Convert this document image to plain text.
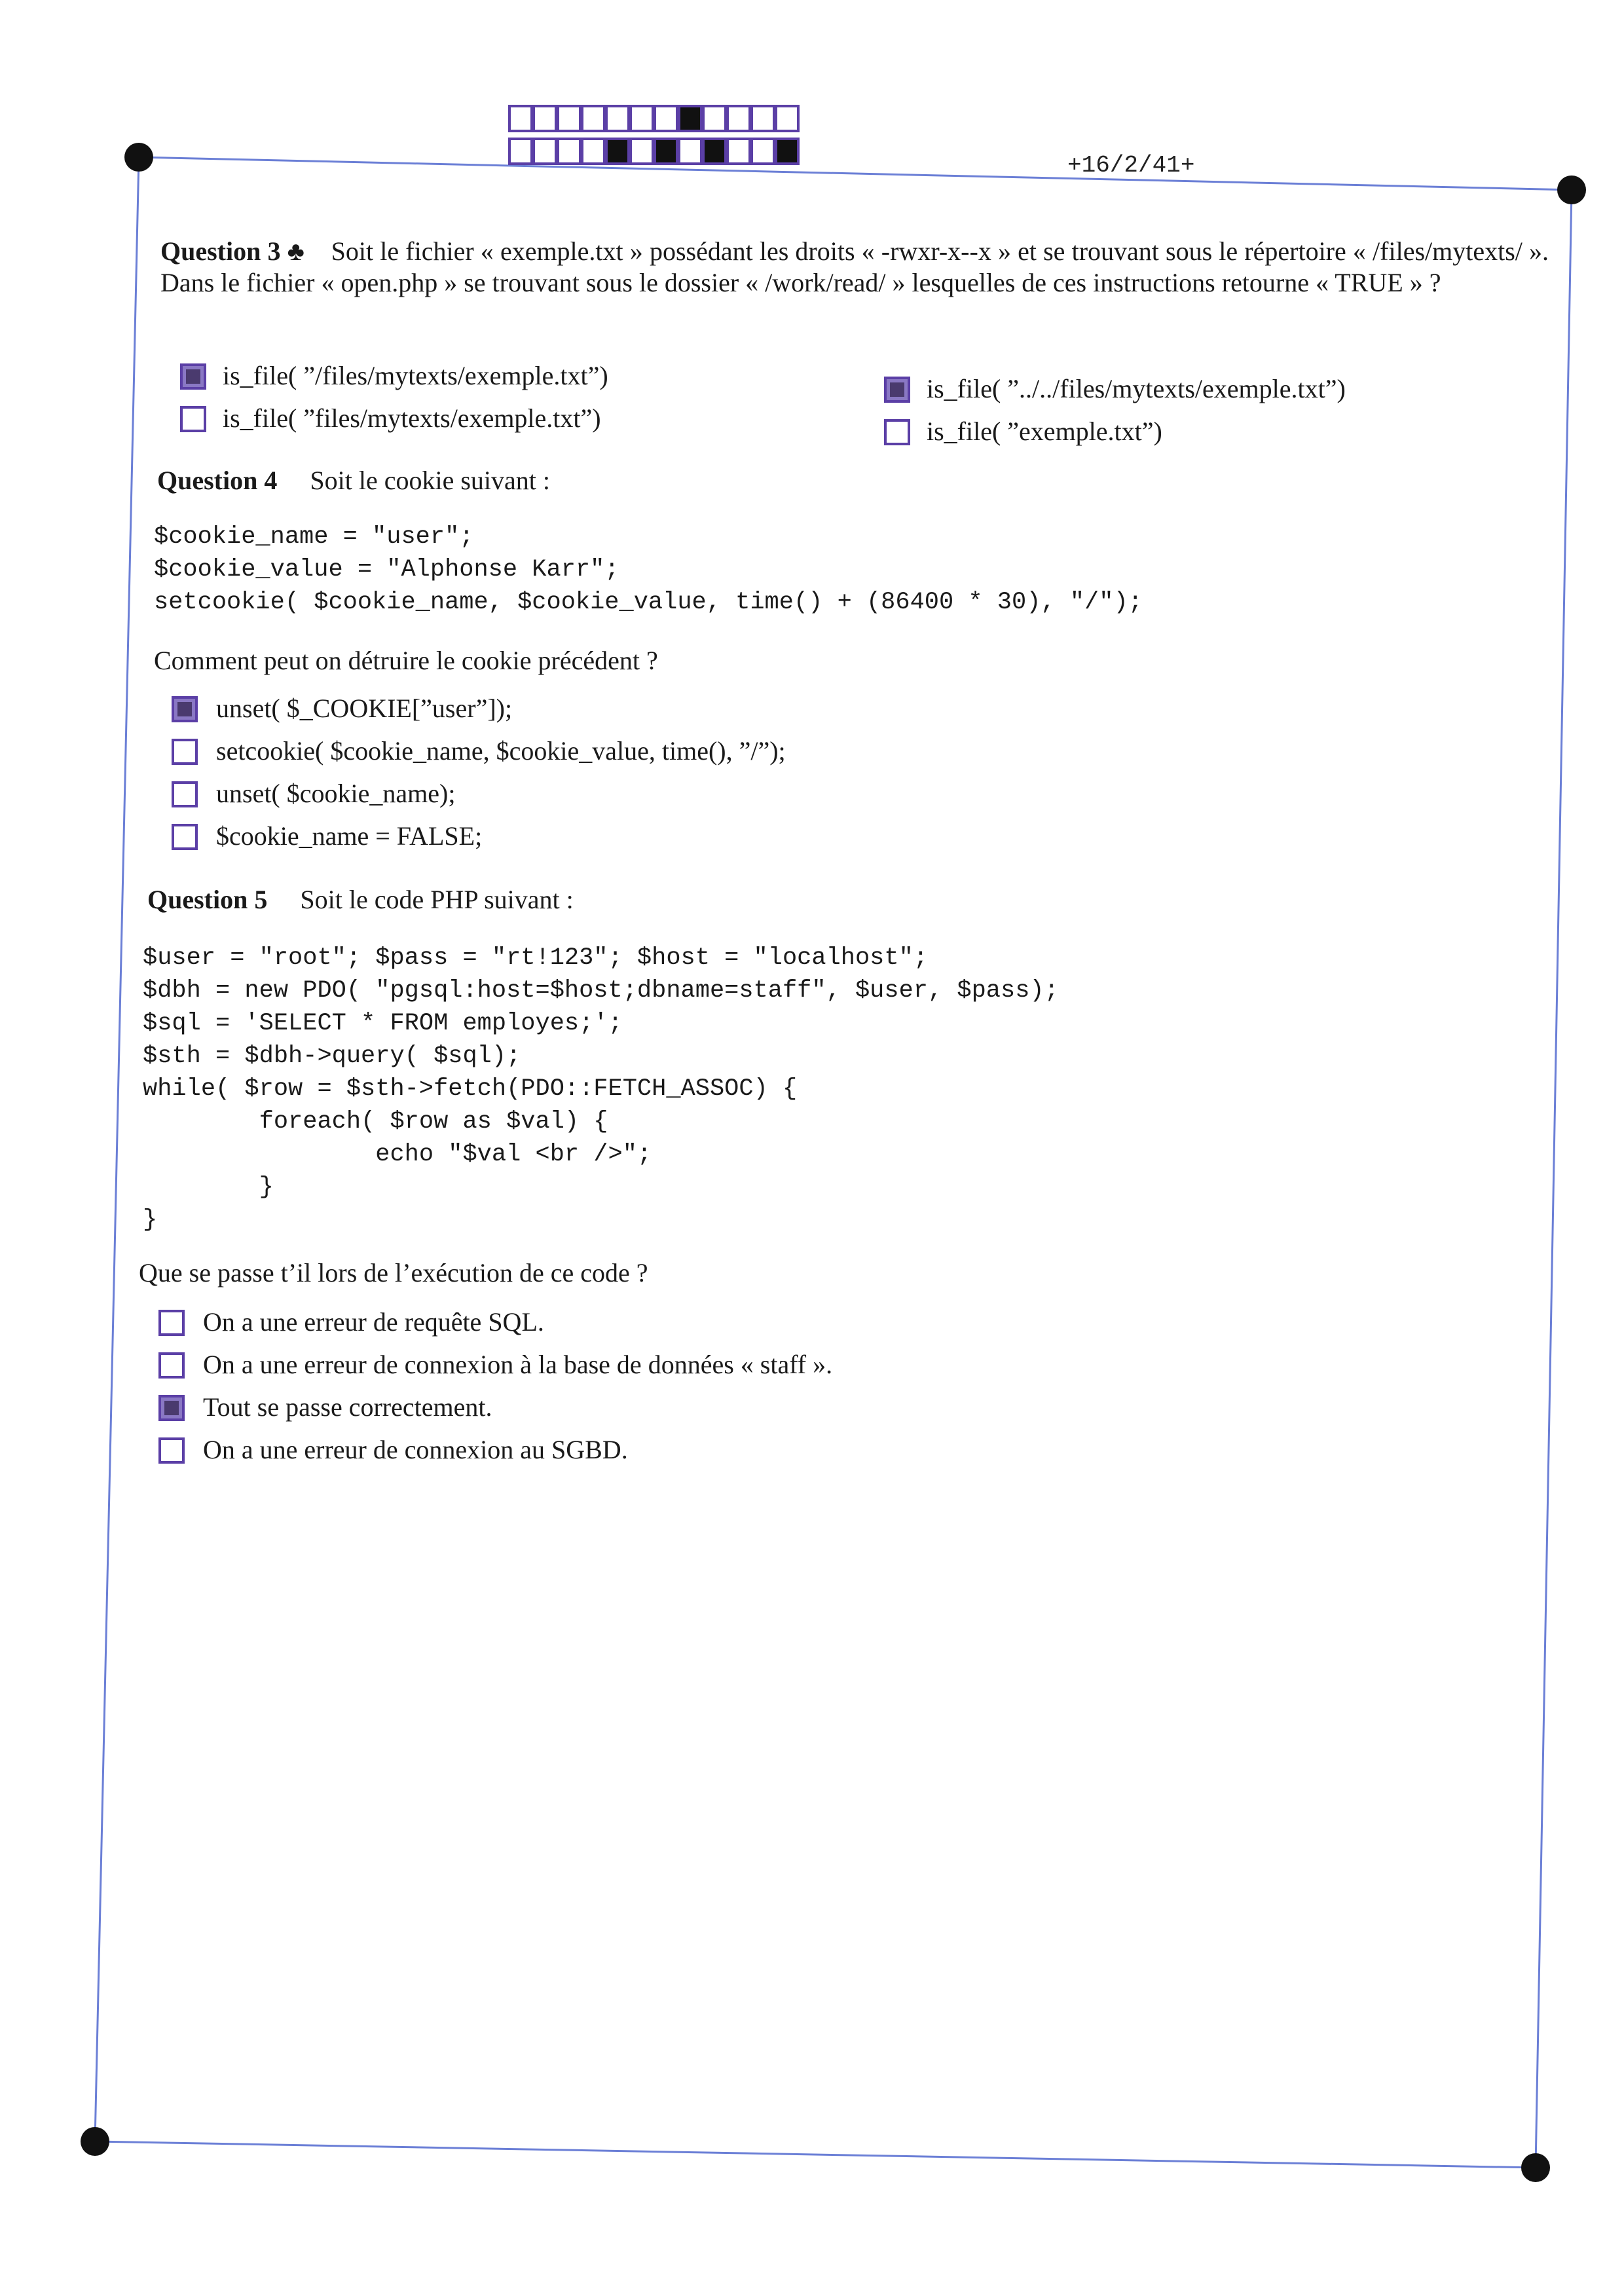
+16/2/41+
Question 3 ♣ Soit le fichier « exemple.txt » possédant les droits « -rwxr-x--x » et se trouvant sous le répertoire « /files/mytexts/ ». Dans le fichier « open.php » se trouvant sous le dossier « /work/read/ » lesquelles de ces instructions retourne « TRUE » ?
is_file( ”/files/mytexts/exemple.txt”)
is_file( ”files/mytexts/exemple.txt”)
is_file( ”../../files/mytexts/exemple.txt”)
is_file( ”exemple.txt”)
Question 4 Soit le cookie suivant :
$cookie_name = "user";
$cookie_value = "Alphonse Karr";
setcookie( $cookie_name, $cookie_value, time() + (86400 * 30), "/");
Comment peut on détruire le cookie précédent ?
unset( $_COOKIE[”user”]);
setcookie( $cookie_name, $cookie_value, time(), ”/”);
unset( $cookie_name);
$cookie_name = FALSE;
Question 5 Soit le code PHP suivant :
$user = "root"; $pass = "rt!123"; $host = "localhost";
$dbh = new PDO( "pgsql:host=$host;dbname=staff", $user, $pass);
$sql = 'SELECT * FROM employes;';
$sth = $dbh->query( $sql);
while( $row = $sth->fetch(PDO::FETCH_ASSOC) {
foreach( $row as $val) {
echo "$val <br />";
}
}
Que se passe t’il lors de l’exécution de ce code ?
On a une erreur de requête SQL.
On a une erreur de connexion à la base de données « staff ».
Tout se passe correctement.
On a une erreur de connexion au SGBD.
